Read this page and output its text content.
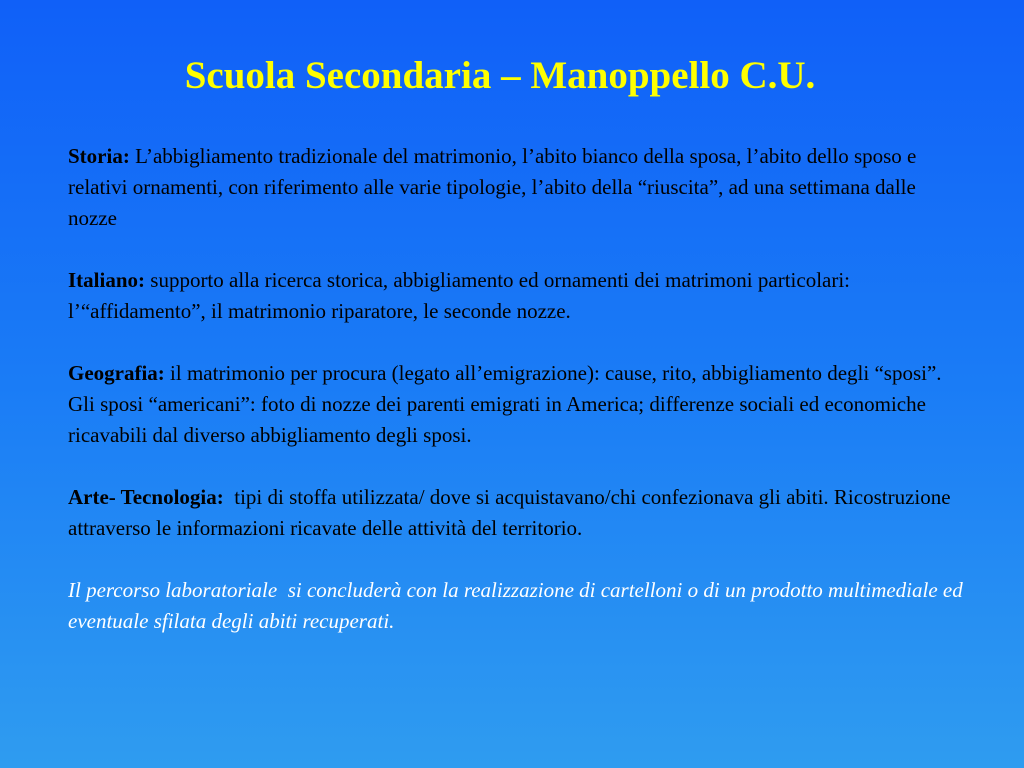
Scuola Secondaria – Manoppello C.U.

Storia: L’abbigliamento tradizionale del matrimonio, l’abito bianco della sposa, l’abito dello sposo e relativi ornamenti, con riferimento alle varie tipologie, l’abito della “riuscita”, ad una settimana dalle nozze

Italiano: supporto alla ricerca storica, abbigliamento ed ornamenti dei matrimoni particolari: l’“affidamento”, il matrimonio riparatore, le seconde nozze.

Geografia: il matrimonio per procura (legato all’emigrazione): cause, rito, abbigliamento degli “sposi”. Gli sposi “americani”: foto di nozze dei parenti emigrati in America; differenze sociali ed economiche ricavabili dal diverso abbigliamento degli sposi.

Arte- Tecnologia:  tipi di stoffa utilizzata/ dove si acquistavano/chi confezionava gli abiti. Ricostruzione attraverso le informazioni ricavate delle attività del territorio.

Il percorso laboratoriale  si concluderà con la realizzazione di cartelloni o di un prodotto multimediale ed eventuale sfilata degli abiti recuperati.
